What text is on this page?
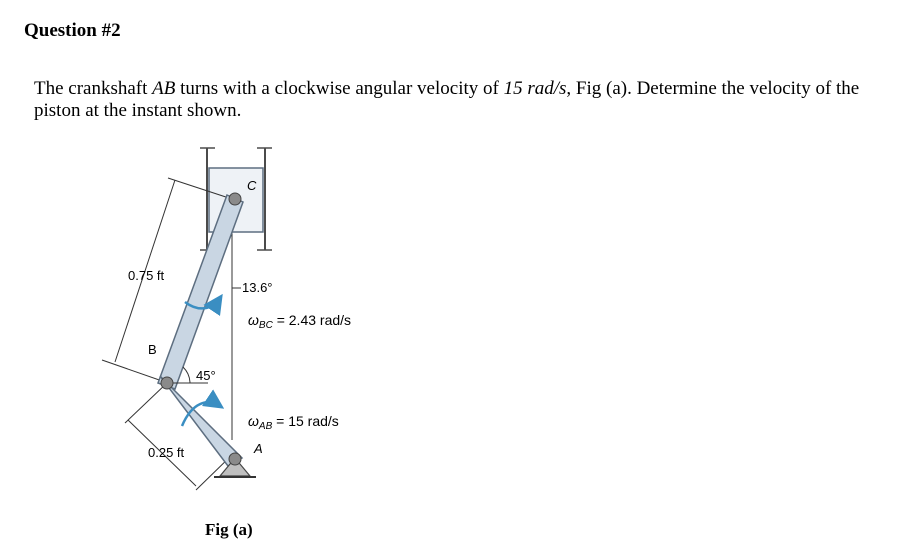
Question #2

The crankshaft AB turns with a clockwise angular velocity of 15 rad/s, Fig (a). Determine the velocity of the piston at the instant shown.

C
B
A
0.75 ft
0.25 ft
13.6°
45°
$\omega_{BC} = 2.43$ rad/s
$\omega_{AB} = 15$ rad/s

Fig (a)
